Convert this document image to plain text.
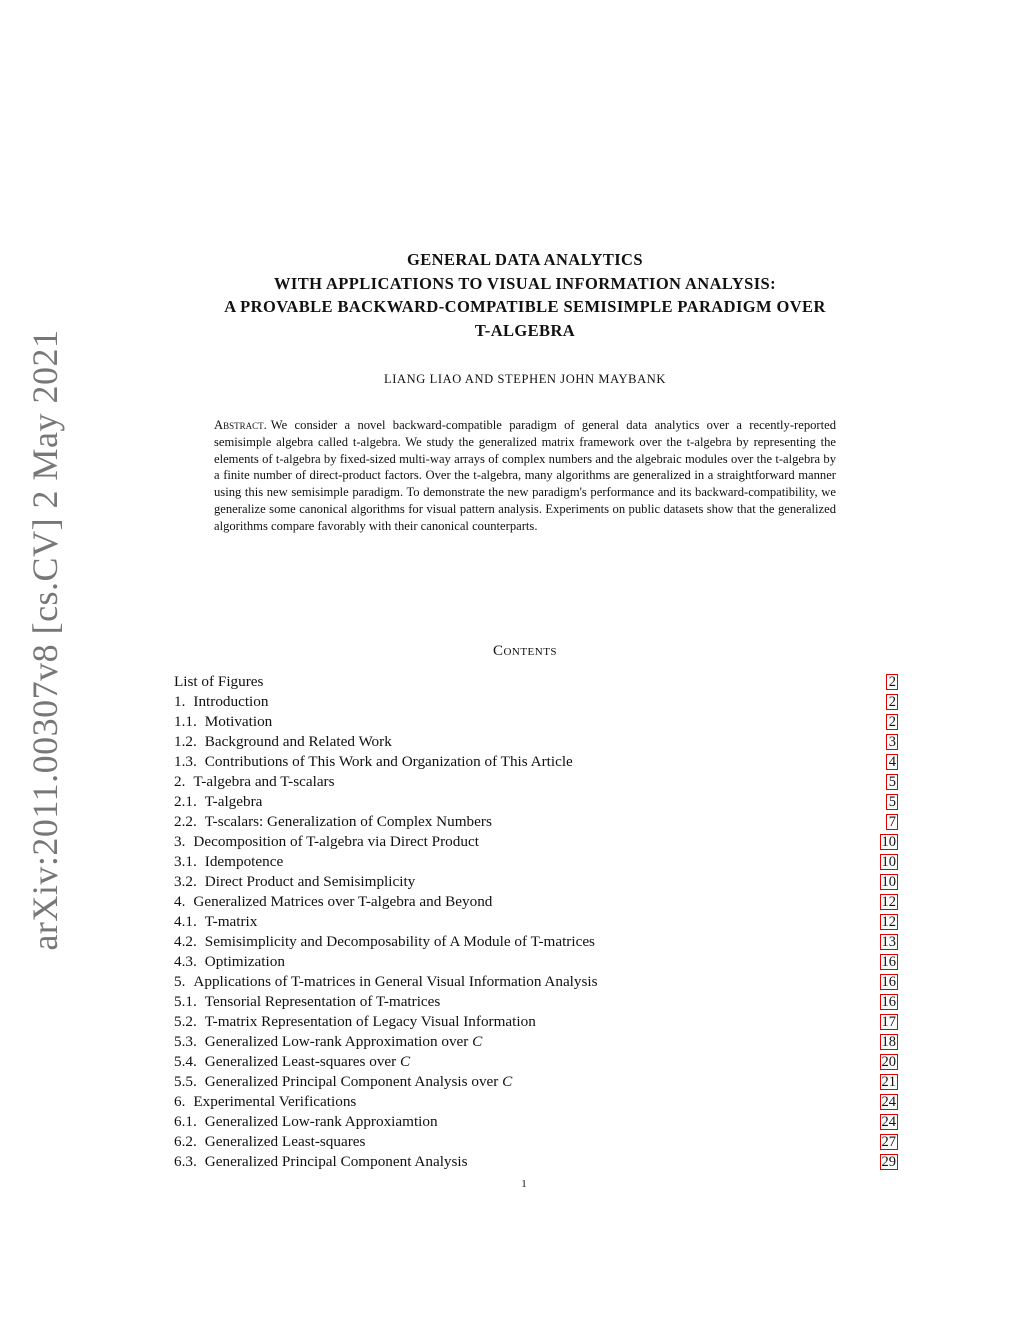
arXiv:2011.00307v8 [cs.CV] 2 May 2021
GENERAL DATA ANALYTICS
WITH APPLICATIONS TO VISUAL INFORMATION ANALYSIS:
A PROVABLE BACKWARD-COMPATIBLE SEMISIMPLE PARADIGM OVER
T-ALGEBRA
LIANG LIAO AND STEPHEN JOHN MAYBANK
Abstract. We consider a novel backward-compatible paradigm of general data analytics over a recently-reported semisimple algebra called t-algebra. We study the generalized matrix framework over the t-algebra by representing the elements of t-algebra by fixed-sized multi-way arrays of complex numbers and the algebraic modules over the t-algebra by a finite number of direct-product factors. Over the t-algebra, many algorithms are generalized in a straightforward manner using this new semisimple paradigm. To demonstrate the new paradigm's performance and its backward-compatibility, we generalize some canonical algorithms for visual pattern analysis. Experiments on public datasets show that the generalized algorithms compare favorably with their canonical counterparts.
Contents
List of Figures	2
1. Introduction	2
1.1. Motivation	2
1.2. Background and Related Work	3
1.3. Contributions of This Work and Organization of This Article	4
2. T-algebra and T-scalars	5
2.1. T-algebra	5
2.2. T-scalars: Generalization of Complex Numbers	7
3. Decomposition of T-algebra via Direct Product	10
3.1. Idempotence	10
3.2. Direct Product and Semisimplicity	10
4. Generalized Matrices over T-algebra and Beyond	12
4.1. T-matrix	12
4.2. Semisimplicity and Decomposability of A Module of T-matrices	13
4.3. Optimization	16
5. Applications of T-matrices in General Visual Information Analysis	16
5.1. Tensorial Representation of T-matrices	16
5.2. T-matrix Representation of Legacy Visual Information	17
5.3. Generalized Low-rank Approximation over C	18
5.4. Generalized Least-squares over C	20
5.5. Generalized Principal Component Analysis over C	21
6. Experimental Verifications	24
6.1. Generalized Low-rank Approxiamtion	24
6.2. Generalized Least-squares	27
6.3. Generalized Principal Component Analysis	29
1
